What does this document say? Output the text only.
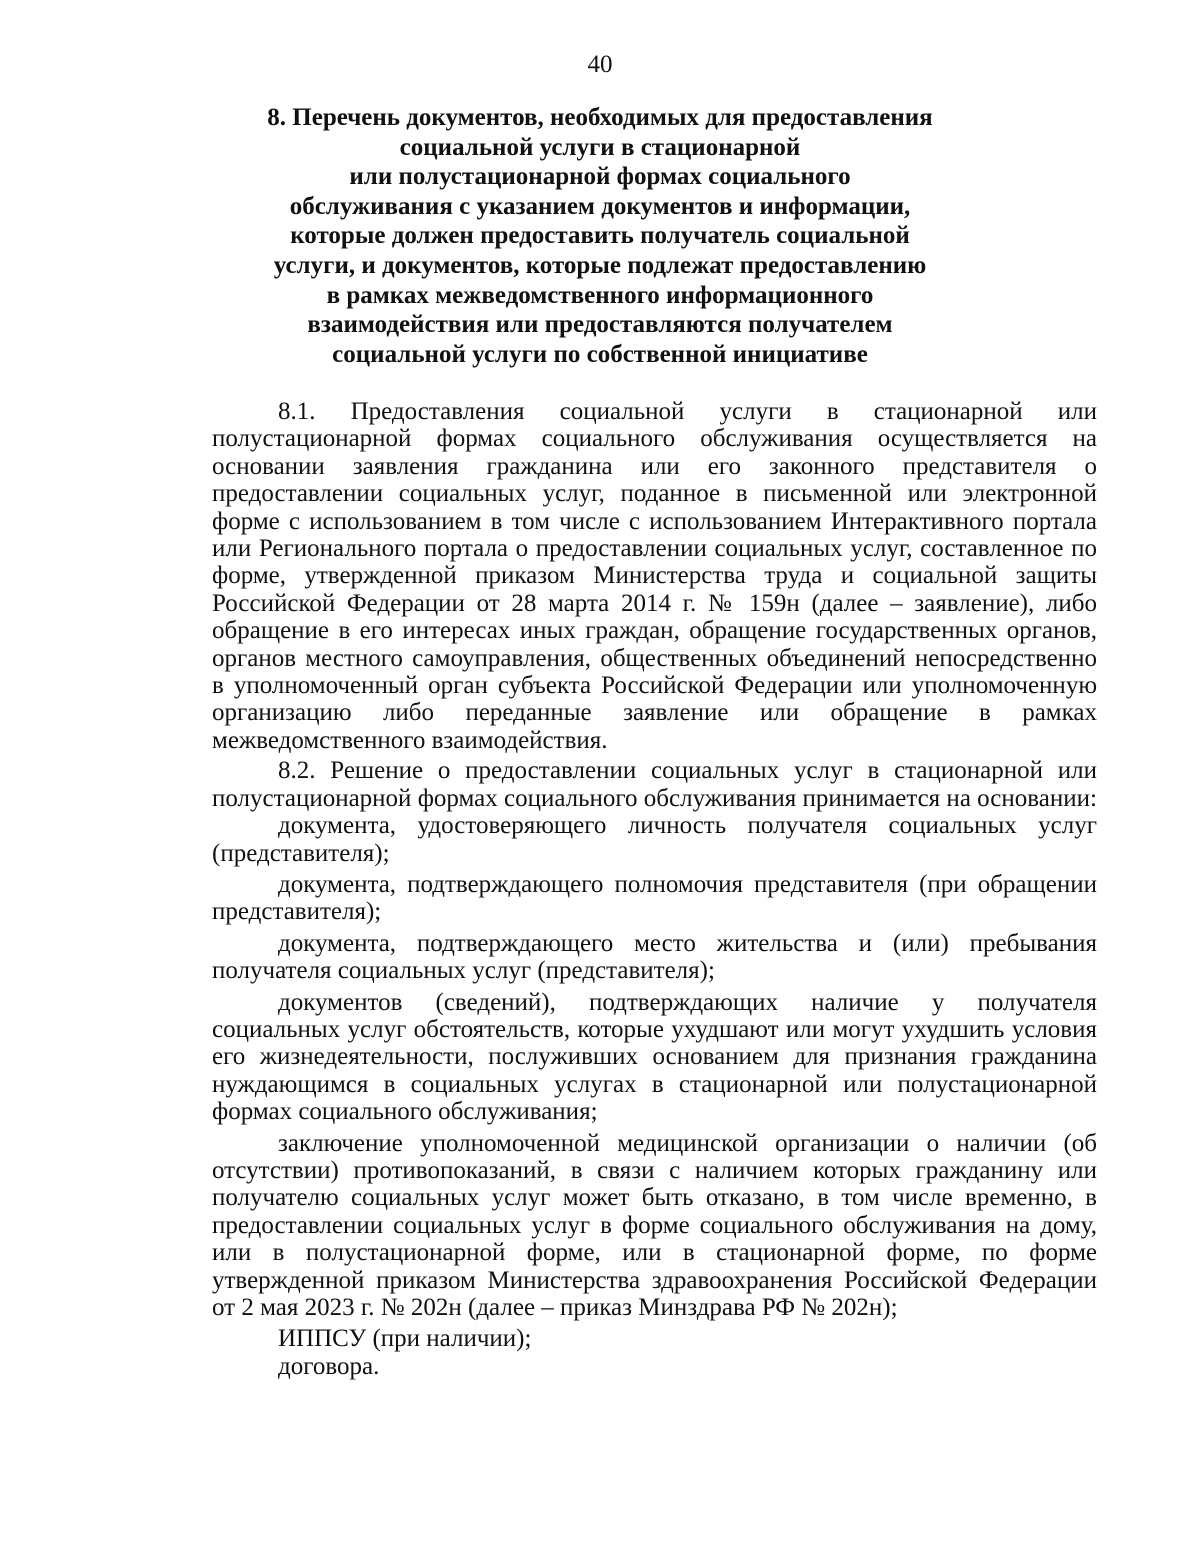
40
8. Перечень документов, необходимых для предоставления
социальной услуги в стационарной
или полустационарной формах социального
обслуживания с указанием документов и информации,
которые должен предоставить получатель социальной
услуги, и документов, которые подлежат предоставлению
в рамках межведомственного информационного
взаимодействия или предоставляются получателем
социальной услуги по собственной инициативе

8.1. Предоставления социальной услуги в стационарной или полустационарной формах социального обслуживания осуществляется на основании заявления гражданина или его законного представителя о предоставлении социальных услуг, поданное в письменной или электронной форме с использованием в том числе с использованием Интерактивного портала или Регионального портала о предоставлении социальных услуг, составленное по форме, утвержденной приказом Министерства труда и социальной защиты Российской Федерации от 28 марта 2014 г. № 159н (далее – заявление), либо обращение в его интересах иных граждан, обращение государственных органов, органов местного самоуправления, общественных объединений непосредственно в уполномоченный орган субъекта Российской Федерации или уполномоченную организацию либо переданные заявление или обращение в рамках межведомственного взаимодействия.

8.2. Решение о предоставлении социальных услуг в стационарной или полустационарной формах социального обслуживания принимается на основании:

документа, удостоверяющего личность получателя социальных услуг (представителя);

документа, подтверждающего полномочия представителя (при обращении представителя);

документа, подтверждающего место жительства и (или) пребывания получателя социальных услуг (представителя);

документов (сведений), подтверждающих наличие у получателя социальных услуг обстоятельств, которые ухудшают или могут ухудшить условия его жизнедеятельности, послуживших основанием для признания гражданина нуждающимся в социальных услугах в стационарной или полустационарной формах социального обслуживания;

заключение уполномоченной медицинской организации о наличии (об отсутствии) противопоказаний, в связи с наличием которых гражданину или получателю социальных услуг может быть отказано, в том числе временно, в предоставлении социальных услуг в форме социального обслуживания на дому, или в полустационарной форме, или в стационарной форме, по форме утвержденной приказом Министерства здравоохранения Российской Федерации от 2 мая 2023 г. № 202н (далее – приказ Минздрава РФ № 202н);

ИППСУ (при наличии);

договора.
